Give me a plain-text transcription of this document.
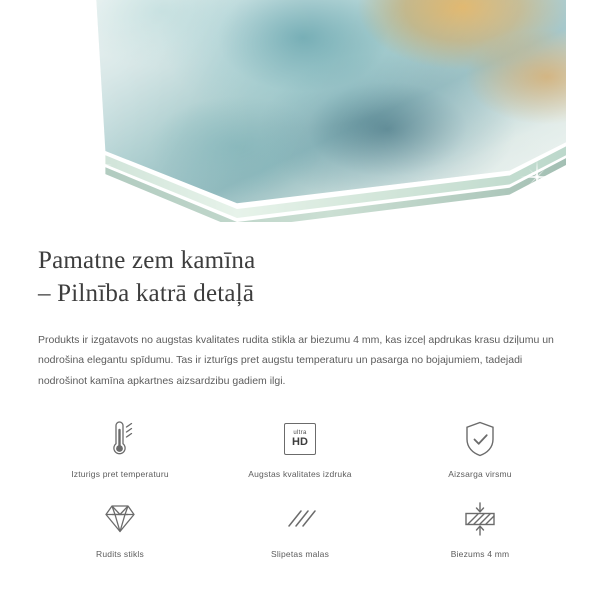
Pamatne zem kamīna
– Pilnība katrā detaļā

Produkts ir izgatavots no augstas kvalitates rudita stikla ar biezumu 4 mm, kas izceļ apdrukas krasu dziļumu un nodrošina elegantu spīdumu. Tas ir izturīgs pret augstu temperaturu un pasarga no bojajumiem, tadejadi nodrošinot kamīna apkartnes aizsardzibu gadiem ilgi.

Izturigs pret temperaturu
ultra
HD
Augstas kvalitates izdruka	Aizsarga virsmu
Rudits stikls	Slipetas malas	Biezums 4 mm
